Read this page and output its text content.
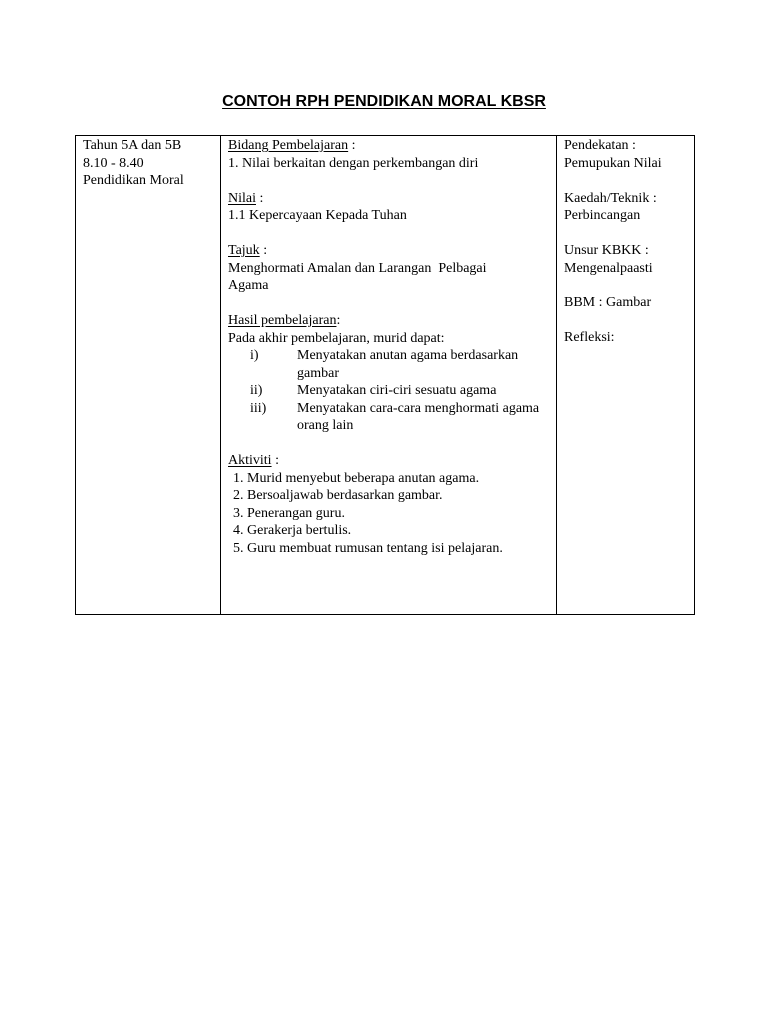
CONTOH RPH PENDIDIKAN MORAL KBSR
Tahun 5A dan 5B
8.10 - 8.40
Pendidikan Moral

Bidang Pembelajaran :
1. Nilai berkaitan dengan perkembangan diri
Nilai :
1.1 Kepercayaan Kepada Tuhan
Tajuk :
Menghormati Amalan dan Larangan  Pelbagai
Agama
Hasil pembelajaran:
Pada akhir pembelajaran, murid dapat:
i)	Menyatakan anutan agama berdasarkan gambar
ii)	Menyatakan ciri-ciri sesuatu agama
iii)	Menyatakan cara-cara menghormati agama orang lain
Aktiviti :
1. Murid menyebut beberapa anutan agama.
2. Bersoaljawab berdasarkan gambar.
3. Penerangan guru.
4. Gerakerja bertulis.
5. Guru membuat rumusan tentang isi pelajaran.

Pendekatan :
Pemupukan Nilai
Kaedah/Teknik :
Perbincangan
Unsur KBKK :
Mengenalpaasti
BBM : Gambar
Refleksi:
